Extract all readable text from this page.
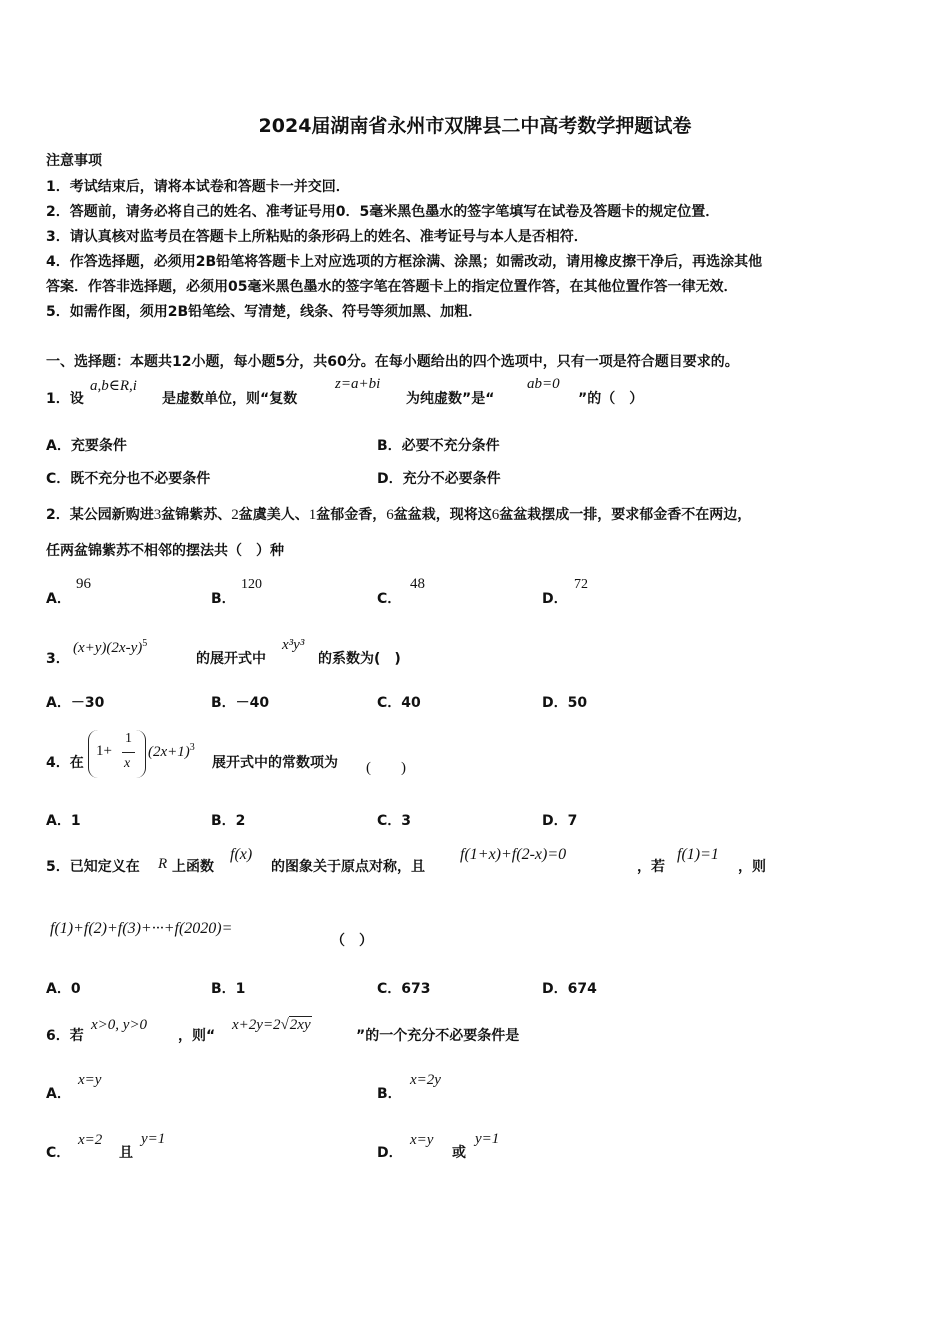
2024届湖南省永州市双牌县二中高考数学押题试卷
注意事项
1．考试结束后，请将本试卷和答题卡一并交回．
2．答题前，请务必将自己的姓名、准考证号用0．5毫米黑色墨水的签字笔填写在试卷及答题卡的规定位置．
3．请认真核对监考员在答题卡上所粘贴的条形码上的姓名、准考证号与本人是否相符．
4．作答选择题，必须用2B铅笔将答题卡上对应选项的方框涂满、涂黑；如需改动，请用橡皮擦干净后，再选涂其他
答案．作答非选择题，必须用05毫米黑色墨水的签字笔在答题卡上的指定位置作答，在其他位置作答一律无效．
5．如需作图，须用2B铅笔绘、写清楚，线条、符号等须加黑、加粗．
一、选择题：本题共12小题，每小题5分，共60分。在每小题给出的四个选项中，只有一项是符合题目要求的。
1．设
a,b∈R,i
是虚数单位，则“复数
z=a+bi
为纯虚数”是“
ab=0
”的（　）
A．充要条件	B．必要不充分条件
C．既不充分也不必要条件	D．充分不必要条件
2．某公园新购进3盆锦紫苏、2盆虞美人、1盆郁金香，6盆盆栽，现将这6盆盆栽摆成一排，要求郁金香不在两边，
任两盆锦紫苏不相邻的摆法共（　）种
A．
96
B．
120
C．
48
D．
72
3．
$(x+y)(2x-y)^5$
的展开式中
x³y³
的系数为(　)
A．－30	B．－40	C．40	D．50
4．在
1+
1
x
$(2x+1)^3$
展开式中的常数项为 (　　)
A．1	B．2	C．3	D．7
5．已知定义在 R 上函数
f(x)
的图象关于原点对称，且
f(1+x)+f(2-x)=0
，若
f(1)=1
，则
f(1)+f(2)+f(3)+···+f(2020)=
（　）
A．0	B．1	C．673	D．674
6．若
x>0, y>0
，则“
x+2y=2√2xy
”的一个充分不必要条件是
A．
x=y
B．
x=2y
C．
x=2
且
y=1
D．
x=y
或
y=1
